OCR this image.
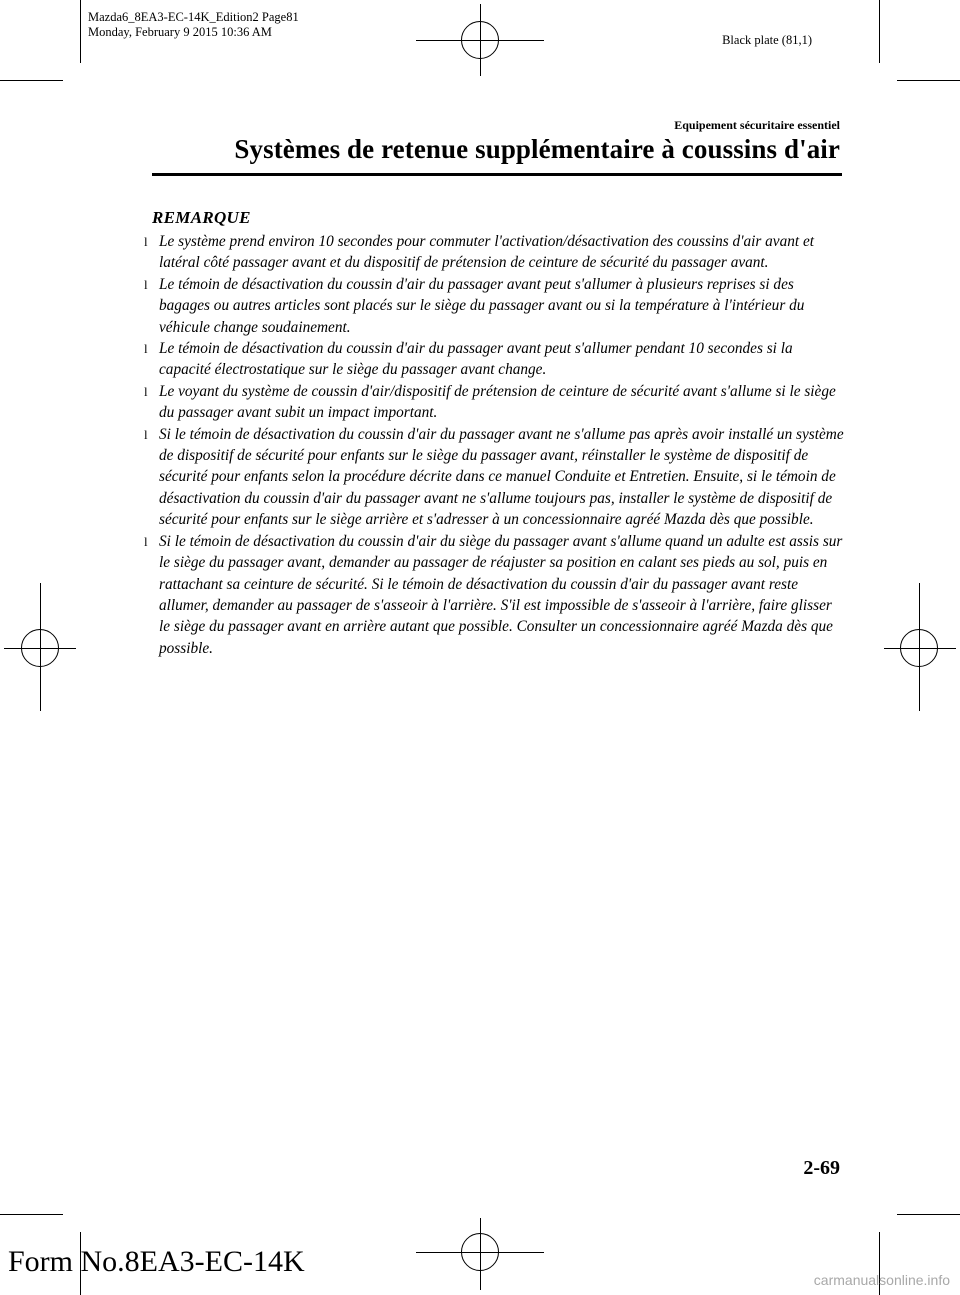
Mazda6_8EA3-EC-14K_Edition2 Page81
Monday, February 9 2015 10:36 AM
Black plate (81,1)
Equipement sécuritaire essentiel
Systèmes de retenue supplémentaire à coussins d'air
REMARQUE
l Le système prend environ 10 secondes pour commuter l'activation/désactivation des coussins d'air avant et latéral côté passager avant et du dispositif de prétension de ceinture de sécurité du passager avant.
l Le témoin de désactivation du coussin d'air du passager avant peut s'allumer à plusieurs reprises si des bagages ou autres articles sont placés sur le siège du passager avant ou si la température à l'intérieur du véhicule change soudainement.
l Le témoin de désactivation du coussin d'air du passager avant peut s'allumer pendant 10 secondes si la capacité électrostatique sur le siège du passager avant change.
l Le voyant du système de coussin d'air/dispositif de prétension de ceinture de sécurité avant s'allume si le siège du passager avant subit un impact important.
l Si le témoin de désactivation du coussin d'air du passager avant ne s'allume pas après avoir installé un système de dispositif de sécurité pour enfants sur le siège du passager avant, réinstaller le système de dispositif de sécurité pour enfants selon la procédure décrite dans ce manuel Conduite et Entretien. Ensuite, si le témoin de désactivation du coussin d'air du passager avant ne s'allume toujours pas, installer le système de dispositif de sécurité pour enfants sur le siège arrière et s'adresser à un concessionnaire agréé Mazda dès que possible.
l Si le témoin de désactivation du coussin d'air du siège du passager avant s'allume quand un adulte est assis sur le siège du passager avant, demander au passager de réajuster sa position en calant ses pieds au sol, puis en rattachant sa ceinture de sécurité. Si le témoin de désactivation du coussin d'air du passager avant reste allumer, demander au passager de s'asseoir à l'arrière. S'il est impossible de s'asseoir à l'arrière, faire glisser le siège du passager avant en arrière autant que possible. Consulter un concessionnaire agréé Mazda dès que possible.
2-69
Form No.8EA3-EC-14K
carmanualsonline.info
